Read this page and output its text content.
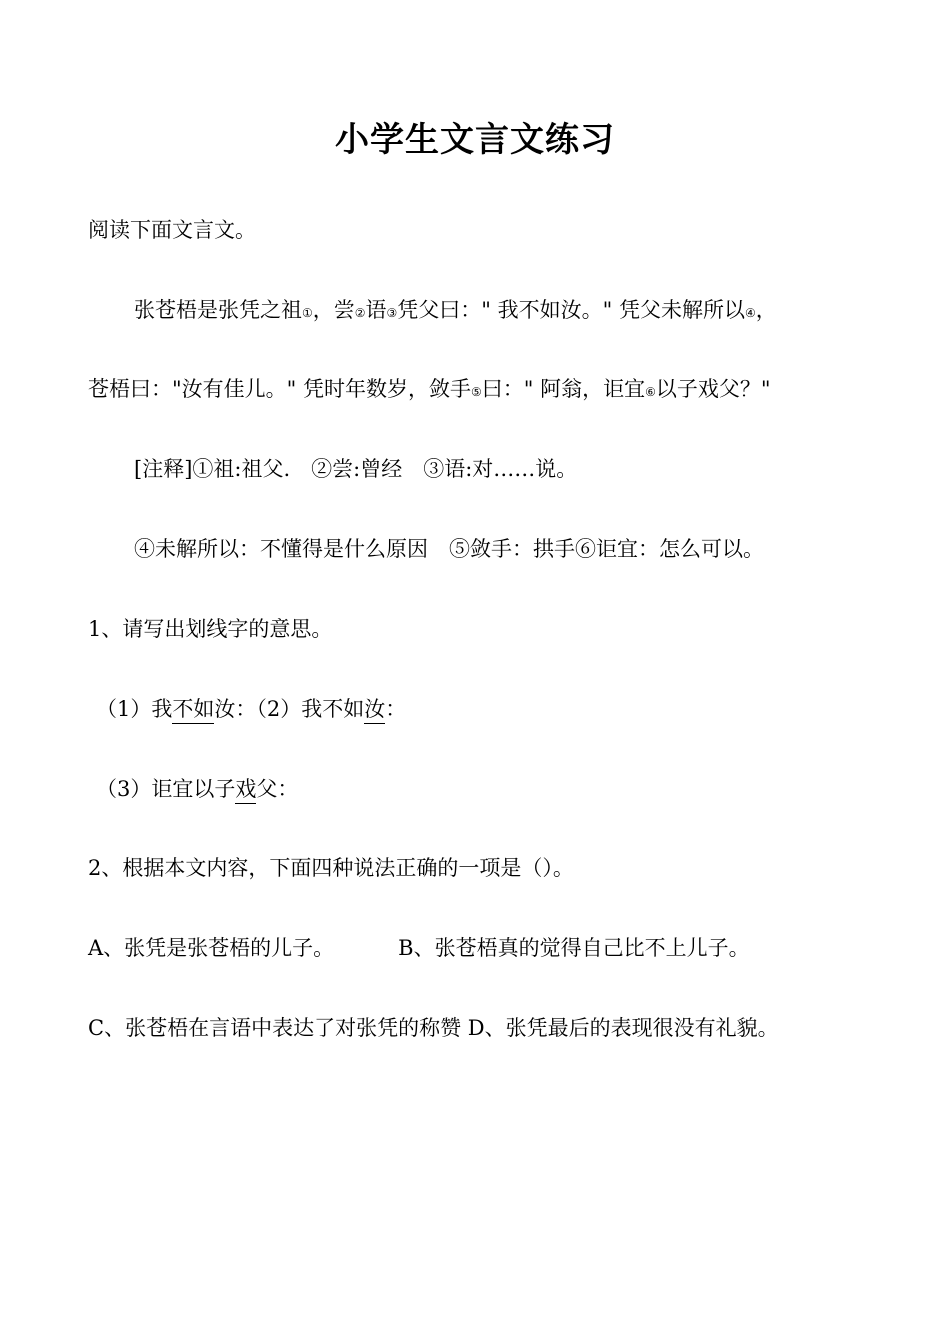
小学生文言文练习
阅读下面文言文。
张苍梧是张凭之祖①，尝②语③凭父曰：" 我不如汝。" 凭父未解所以④，
苍梧曰："汝有佳儿。" 凭时年数岁，敛手⑤曰：" 阿翁，讵宜⑥以子戏父？"
[注释]①祖:祖父.　②尝:曾经　③语:对……说。
④未解所以：不懂得是什么原因　⑤敛手：拱手⑥讵宜：怎么可以。
1、请写出划线字的意思。
（1）我不如汝：（2）我不如汝：
（3）讵宜以子戏父：
2、根据本文内容，下面四种说法正确的一项是（）。
A、张凭是张苍梧的儿子。	B、张苍梧真的觉得自己比不上儿子。
C、张苍梧在言语中表达了对张凭的称赞 D、张凭最后的表现很没有礼貌。
